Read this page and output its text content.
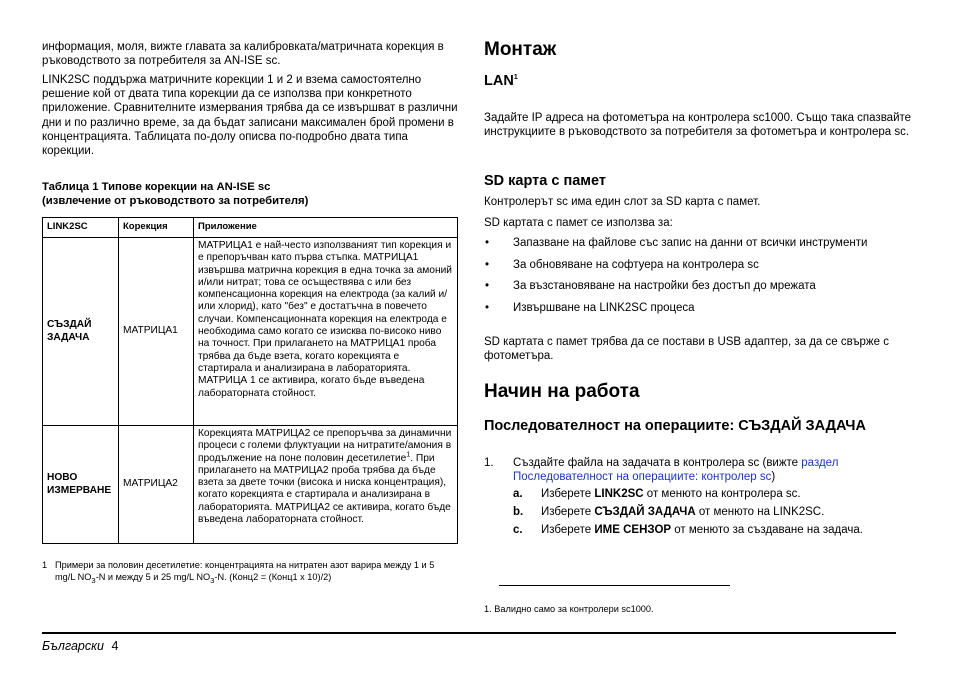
информация, моля, вижте главата за калибровката/матричната корекция в ръководството за потребителя за AN-ISE sc.

LINK2SC поддържа матричните корекции 1 и 2 и взема самостоятелно решение кой от двата типа корекции да се използва при конкретното приложение. Сравнителните измервания трябва да се извършват в различни дни и по различно време, за да бъдат записани максимален брой промени в концентрацията. Таблицата по-долу описва по-подробно двата типа корекции.

Таблица 1 Типове корекции на AN-ISE sc
(извлечение от ръководството за потребителя)
LINK2SC	Корекция	Приложение
СЪЗДАЙ ЗАДАЧА	МАТРИЦА1	МАТРИЦА1 е най-често използваният тип корекция и е препоръчван като първа стъпка. МАТРИЦА1 извършва матрична корекция в една точка за амоний и/или нитрат; това се осъществява с или без компенсационна корекция на електрода (за калий и/или хлорид), като "без" е достатъчна в повечето случаи. Компенсационната корекция на електрода е необходима само когато се изисква по-високо ниво на точност. При прилагането на МАТРИЦА1 проба трябва да бъде взета, когато корекцията е стартирала и анализирана в лабораторията. МАТРИЦА 1 се активира, когато бъде въведена лабораторната стойност.
НОВО ИЗМЕРВАНЕ	МАТРИЦА2	Корекцията МАТРИЦА2 се препоръчва за динамични процеси с големи флуктуации на нитратите/амония в продължение на поне половин десетилетие$^1$. При прилагането на МАТРИЦА2 проба трябва да бъде взета за двете точки (висока и ниска концентрация), когато корекцията е стартирала и анализирана в лабораторията. МАТРИЦА2 се активира, когато бъде въведена лабораторната стойност.
1 Примери за половин десетилетие: концентрацията на нитратен азот варира между 1 и 5 mg/L $NO_3-N$ и между 5 и 25 mg/L $NO_3-N$. (Конц2 = (Конц1 x 10)/2)
Монтаж
LAN$^1$

Задайте IP адреса на фотометъра на контролера sc1000. Също така спазвайте инструкциите в ръководството за потребителя за фотометъра и контролера sc.

SD карта с памет

Контролерът sc има един слот за SD карта с памет.

SD картата с памет се използва за:

• Запазване на файлове със запис на данни от всички инструменти
• За обновяване на софтуера на контролера sc
• За възстановяване на настройки без достъп до мрежата
• Извършване на LINK2SC процеса

SD картата с памет трябва да се постави в USB адаптер, за да се свърже с фотометъра.

Начин на работа
Последователност на операциите: СЪЗДАЙ ЗАДАЧА
1. Създайте файла на задачата в контролера sc (вижте раздел Последователност на операциите: контролер sc)
a. Изберете LINK2SC от менюто на контролера sc.
b. Изберете СЪЗДАЙ ЗАДАЧА от менюто на LINK2SC.
c. Изберете ИМЕ СЕНЗОР от менюто за създаване на задача.
1. Валидно само за контролери sc1000.
Български 4
